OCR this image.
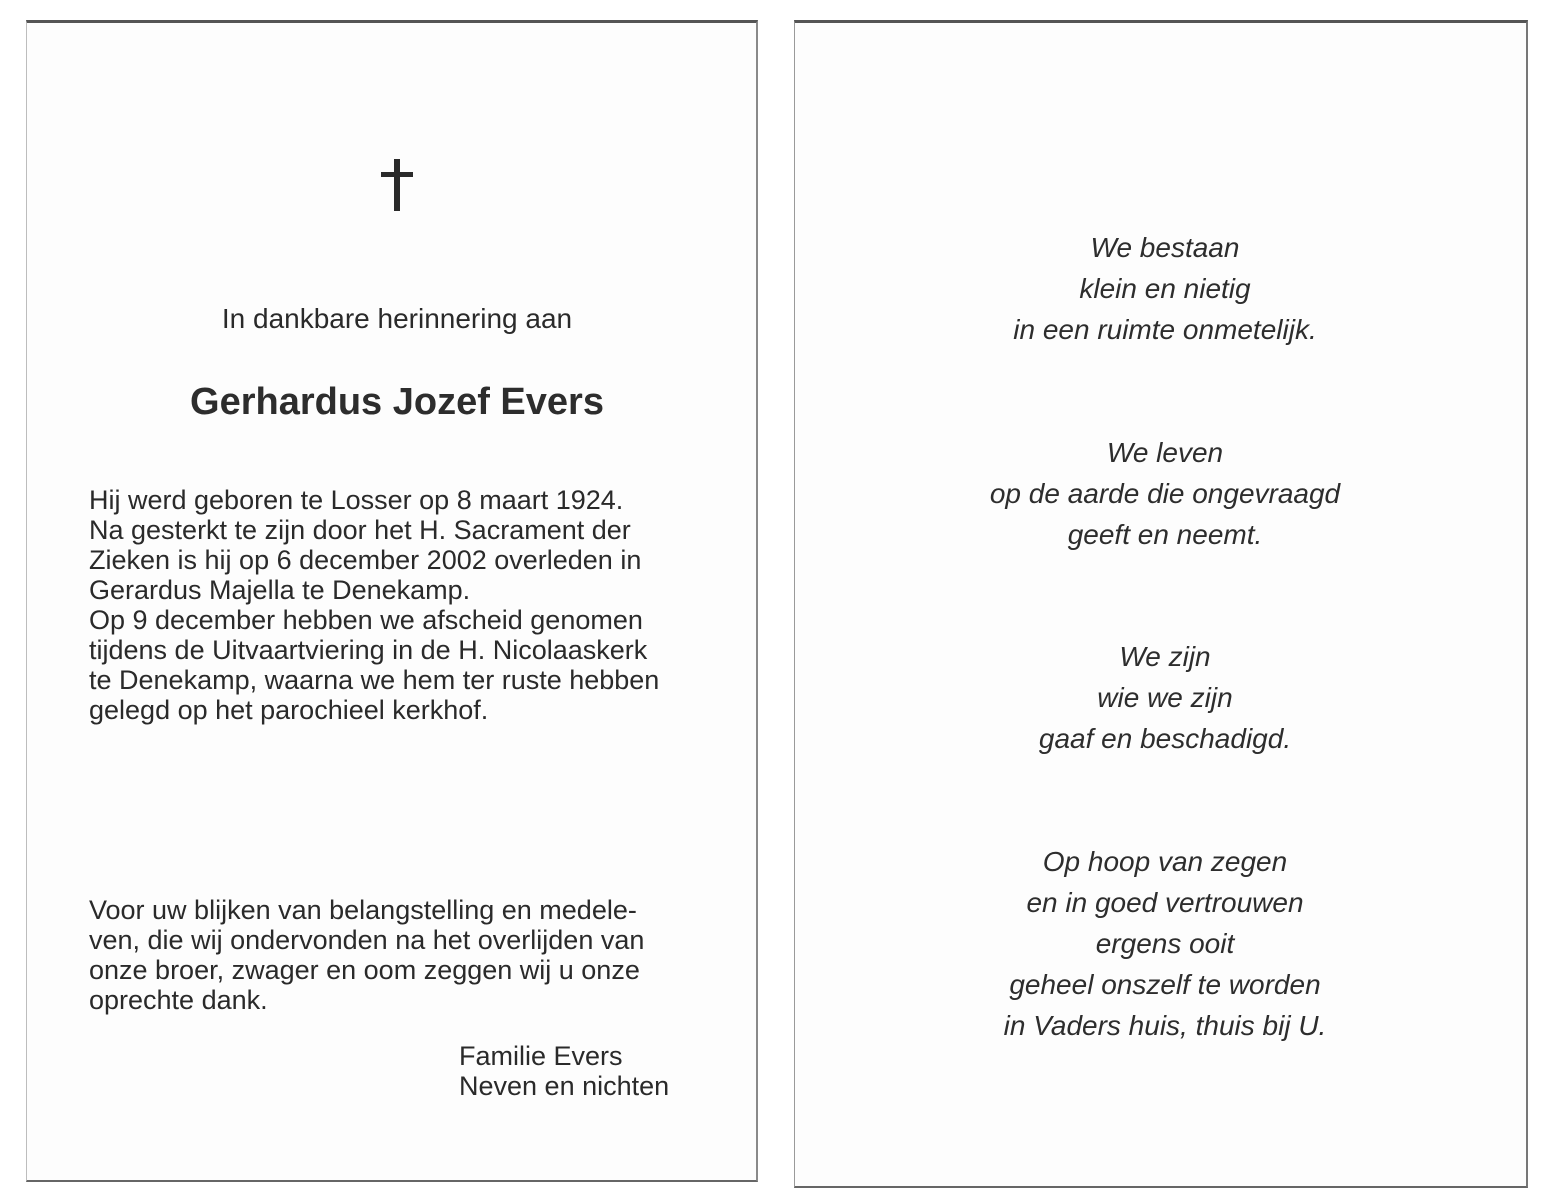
In dankbare herinnering aan
Gerhardus Jozef Evers
Hij werd geboren te Losser op 8 maart 1924.

Na gesterkt te zijn door het H. Sacrament der

Zieken is hij op 6 december 2002 overleden in

Gerardus Majella te Denekamp.

Op 9 december hebben we afscheid genomen

tijdens de Uitvaartviering in de H. Nicolaaskerk

te Denekamp, waarna we hem ter ruste hebben

gelegd op het parochieel kerkhof.

Voor uw blijken van belangstelling en medele-

ven, die wij ondervonden na het overlijden van

onze broer, zwager en oom zeggen wij u onze

oprechte dank.
Familie Evers
Neven en nichten
We bestaan
klein en nietig
in een ruimte onmetelijk.
We leven
op de aarde die ongevraagd
geeft en neemt.
We zijn
wie we zijn
gaaf en beschadigd.
Op hoop van zegen
en in goed vertrouwen
ergens ooit
geheel onszelf te worden
in Vaders huis, thuis bij U.
